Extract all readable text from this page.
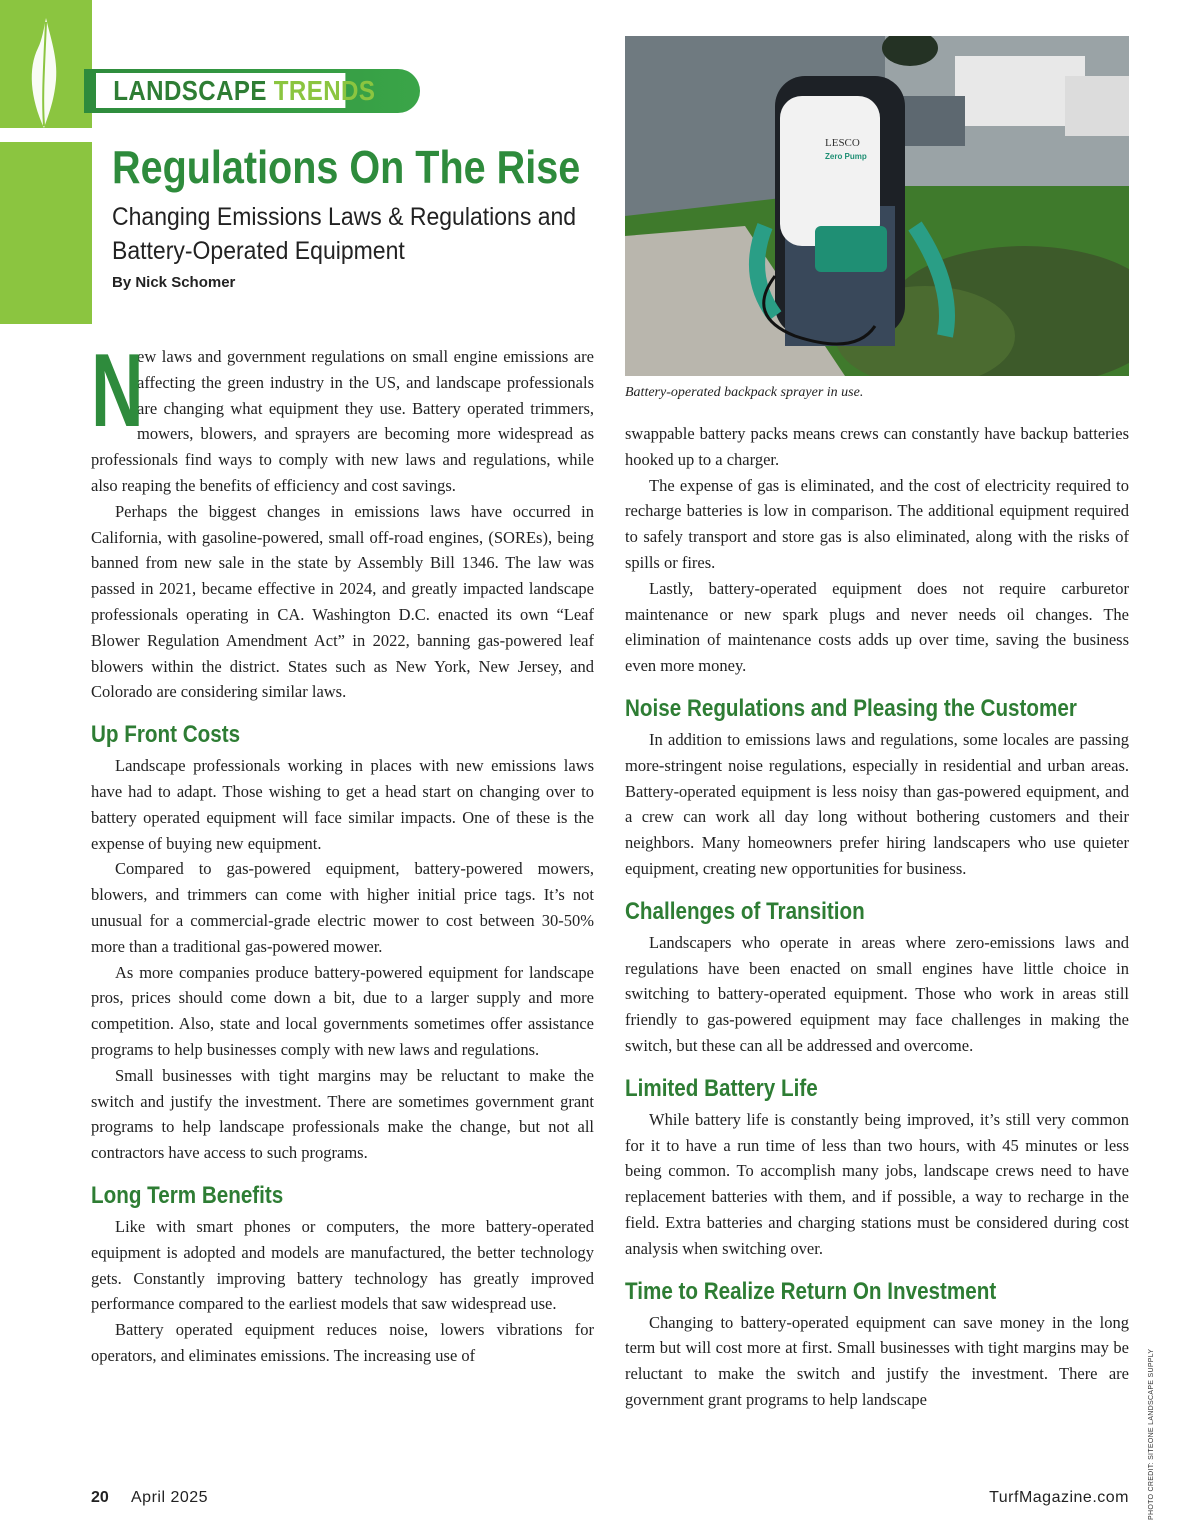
LANDSCAPE TRENDS
Regulations On The Rise

Changing Emissions Laws & Regulations and Battery-Operated Equipment

By Nick Schomer

LESCO
Zero Pump

Battery-operated backpack sprayer in use.

N
ew laws and government regulations on small engine emissions are affecting the green industry in the US, and landscape professionals are changing what equipment they use. Battery operated trimmers, mowers, blowers, and sprayers are becoming more widespread as professionals find ways to comply with new laws and regulations, while also reaping the benefits of efficiency and cost savings.

Perhaps the biggest changes in emissions laws have occurred in California, with gasoline-powered, small off-road engines, (SOREs), being banned from new sale in the state by Assembly Bill 1346. The law was passed in 2021, became effective in 2024, and greatly impacted landscape professionals operating in CA. Washington D.C. enacted its own “Leaf Blower Regulation Amendment Act” in 2022, banning gas-powered leaf blowers within the district. States such as New York, New Jersey, and Colorado are considering similar laws.

Up Front Costs

Landscape professionals working in places with new emissions laws have had to adapt. Those wishing to get a head start on changing over to battery operated equipment will face similar impacts. One of these is the expense of buying new equipment.

Compared to gas-powered equipment, battery-powered mowers, blowers, and trimmers can come with higher initial price tags. It’s not unusual for a commercial-grade electric mower to cost between 30-50% more than a traditional gas-powered mower.

As more companies produce battery-powered equipment for landscape pros, prices should come down a bit, due to a larger supply and more competition. Also, state and local governments sometimes offer assistance programs to help businesses comply with new laws and regulations.

Small businesses with tight margins may be reluctant to make the switch and justify the investment. There are sometimes government grant programs to help landscape professionals make the change, but not all contractors have access to such programs.

Long Term Benefits

Like with smart phones or computers, the more battery-operated equipment is adopted and models are manufactured, the better technology gets. Constantly improving battery technology has greatly improved performance compared to the earliest models that saw widespread use.

Battery operated equipment reduces noise, lowers vibrations for operators, and eliminates emissions. The increasing use of

swappable battery packs means crews can constantly have backup batteries hooked up to a charger.

The expense of gas is eliminated, and the cost of electricity required to recharge batteries is low in comparison. The additional equipment required to safely transport and store gas is also eliminated, along with the risks of spills or fires.

Lastly, battery-operated equipment does not require carburetor maintenance or new spark plugs and never needs oil changes. The elimination of maintenance costs adds up over time, saving the business even more money.

Noise Regulations and Pleasing the Customer

In addition to emissions laws and regulations, some locales are passing more-stringent noise regulations, especially in residential and urban areas. Battery-operated equipment is less noisy than gas-powered equipment, and a crew can work all day long without bothering customers and their neighbors. Many homeowners prefer hiring landscapers who use quieter equipment, creating new opportunities for business.

Challenges of Transition

Landscapers who operate in areas where zero-emissions laws and regulations have been enacted on small engines have little choice in switching to battery-operated equipment. Those who work in areas still friendly to gas-powered equipment may face challenges in making the switch, but these can all be addressed and overcome.

Limited Battery Life

While battery life is constantly being improved, it’s still very common for it to have a run time of less than two hours, with 45 minutes or less being common. To accomplish many jobs, landscape crews need to have replacement batteries with them, and if possible, a way to recharge in the field. Extra batteries and charging stations must be considered during cost analysis when switching over.

Time to Realize Return On Investment

Changing to battery-operated equipment can save money in the long term but will cost more at first. Small businesses with tight margins may be reluctant to make the switch and justify the investment. There are government grant programs to help landscape	PHOTO CREDIT: SITEONE LANDSCAPE SUPPLY
20 April 2025	TurfMagazine.com
